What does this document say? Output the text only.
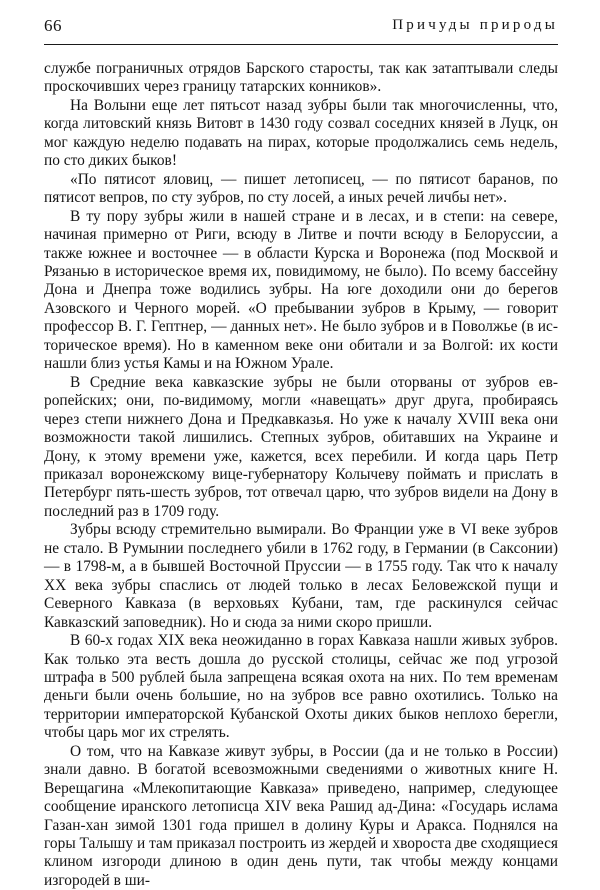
66	Причуды природы

службе пограничных отрядов Барского старосты, так как затаптывали следы проскочивших через границу татарских конников».

На Волыни еще лет пятьсот назад зубры были так многочисленны, что, когда литовский князь Витовт в 1430 году созвал соседних князей в Луцк, он мог каждую неделю подавать на пирах, которые продолжались семь недель, по сто диких быков!

«По пятисот яловиц, — пишет летописец, — по пятисот баранов, по пятисот вепров, по сту зубров, по сту лосей, а иных речей личбы нет».

В ту пору зубры жили в нашей стране и в лесах, и в степи: на севере, начиная примерно от Риги, всюду в Литве и почти всюду в Белоруссии, а также южнее и восточнее — в области Курска и Воронежа (под Москвой и Рязанью в историческое время их, повидимому, не было). По всему бассейну Дона и Днепра тоже водились зубры. На юге доходили они до берегов Азовского и Черного морей. «О пребывании зубров в Крыму, — говорит профессор В. Г. Гептнер, — данных нет». Не было зубров и в Поволжье (в историческое время). Но в каменном веке они обитали и за Волгой: их кости нашли близ устья Камы и на Южном Урале.

В Средние века кавказские зубры не были оторваны от зубров европейских; они, по-видимому, могли «навещать» друг друга, пробираясь через степи нижнего Дона и Предкавказья. Но уже к началу XVIII века они возможности такой лишились. Степных зубров, обитавших на Украине и Дону, к этому времени уже, кажется, всех перебили. И когда царь Петр приказал воронежскому вице-губернатору Колычеву поймать и прислать в Петербург пять-шесть зубров, тот отвечал царю, что зубров видели на Дону в последний раз в 1709 году.

Зубры всюду стремительно вымирали. Во Франции уже в VI веке зубров не стало. В Румынии последнего убили в 1762 году, в Германии (в Саксонии) — в 1798-м, а в бывшей Восточной Пруссии — в 1755 году. Так что к началу XX века зубры спаслись от людей только в лесах Беловежской пущи и Северного Кавказа (в верховьях Кубани, там, где раскинулся сейчас Кавказский заповедник). Но и сюда за ними скоро пришли.

В 60-х годах XIX века неожиданно в горах Кавказа нашли живых зубров. Как только эта весть дошла до русской столицы, сейчас же под угрозой штрафа в 500 рублей была запрещена всякая охота на них. По тем временам деньги были очень большие, но на зубров все равно охотились. Только на территории императорской Кубанской Охоты диких быков неплохо берегли, чтобы царь мог их стрелять.

О том, что на Кавказе живут зубры, в России (да и не только в России) знали давно. В богатой всевозможными сведениями о животных книге Н. Верещагина «Млекопитающие Кавказа» приведено, например, следующее сообщение иранского летописца XIV века Рашид ад-Дина: «Государь ислама Газан-хан зимой 1301 года пришел в долину Куры и Аракса. Поднялся на горы Талышу и там приказал построить из жердей и хвороста две сходящиеся клином изгороди длиною в один день пути, так чтобы между концами изгородей в ши-
